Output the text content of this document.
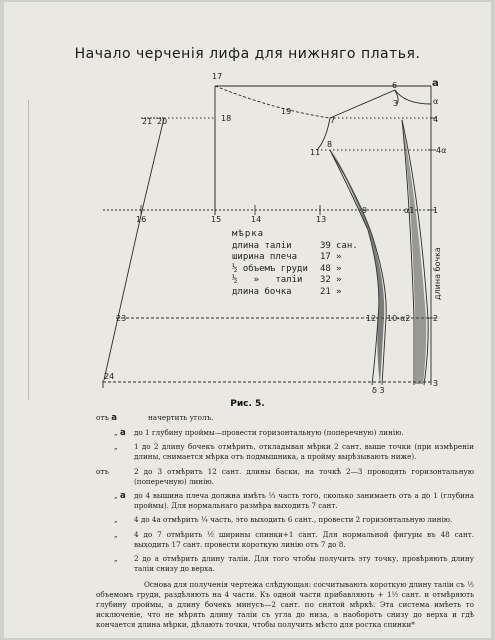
Начало черченія лифа для нижняго платья.
17
18
19
21 20
6
3
а
α
4
7
8
11	4α
16	15	14	13
9	α1 1
23	12 10-α2	2
24
δ 3
3
длина бочка
мѣрка
длина таліи	39 сан.
ширина плеча	17 »
½ объемъ груди 48 »
½   »   таліи 32 »
длина бочка	21 »
Рис. 5.
отъ а	начертить уголъ.
„ а до 1 глубину проймы—провести горизонтальную (поперечную) линію.
„ 1 до 2 длину бочекъ отмѣрить, откладывая мѣрки 2 сант. выше точки (при измѣреніи длины, снимается мѣрка отъ подмышника, а пройму вырѣзывають ниже).
отъ	2 до 3 отмѣрить 12 сант. длины баски, на точкѣ 2—3 проводять горизонтальную (поперечную) линію.
„ а до 4 вышина плеча должна имѣть ⅓ часть того, сколько занимаеть отъ а до 1 (глубина проймы). Для нормальнаго размѣра выходить 7 сант.
„ 4 до 4а отмѣрить ¼ часть, это выходить 6 сант., провести 2 горизонтальную линію.
„ 4 до 7 отмѣрить ½ ширины спинки+1 сант. Для нормальной фигуры въ 48 сант. выходить 17 сант. провести короткую линію отъ 7 до 8.
„ 2 до а отмѣрить длину таліи. Для того чтобы получить эту точку, провѣряють длину таліи снизу до верха.
Основа для полученія чертежа слѣдующая: сосчитывають короткую длину таліи съ ½ объемомъ груди, раздѣляють на 4 части. Къ одной части прибавляють + 1½ сант. и отмѣряють глубину проймы, а длину бочекъ минусъ—2 сант. по снятой мѣркѣ. Эта система имѣеть то исключеніе, что не мѣрять длину таліи съ угла до низа, а наоборотъ снизу до верха и гдѣ кончается длина мѣрки, дѣлають точки, чтобы получить мѣсто для ростка спинки*
